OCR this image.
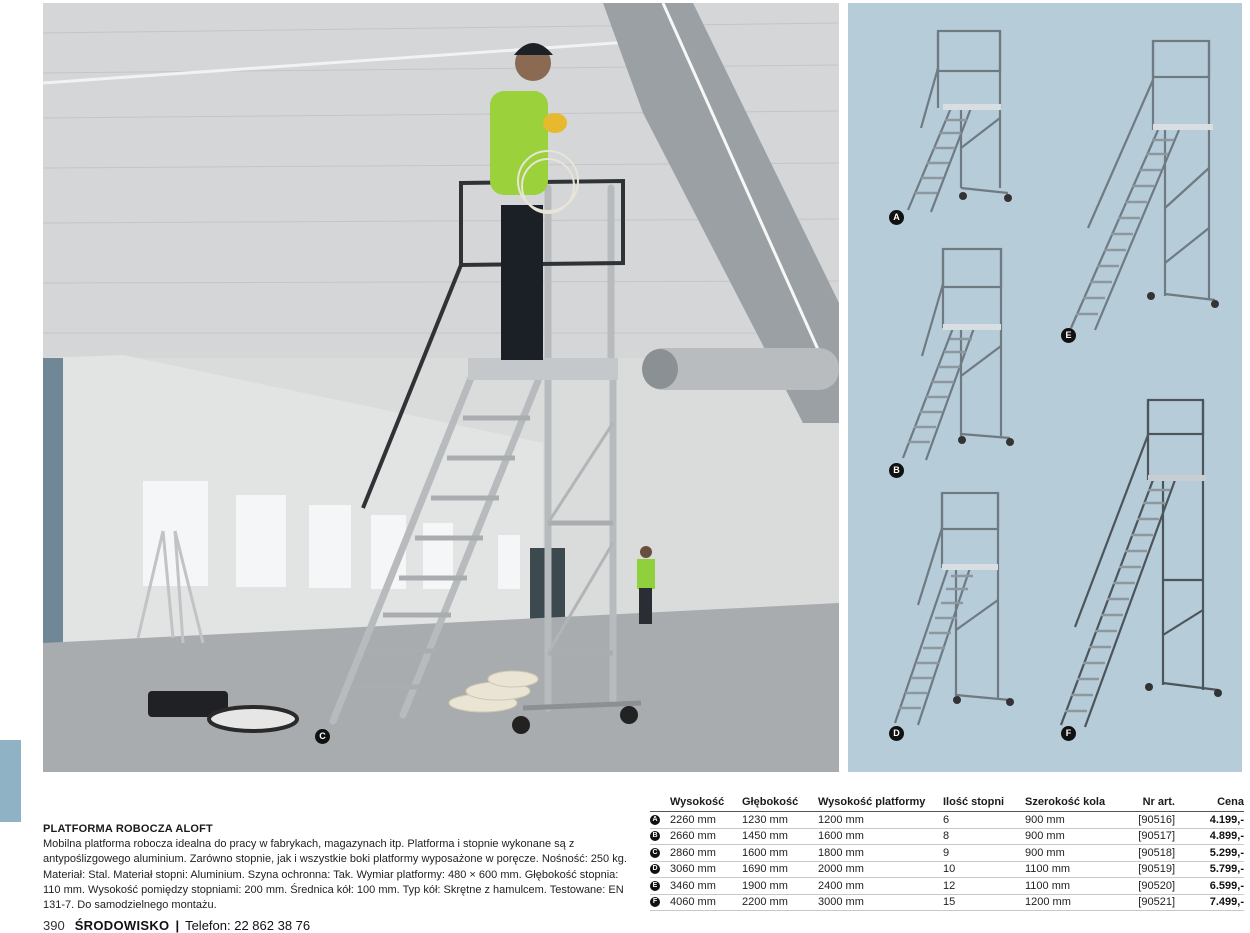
C
A
B
D
E
F
PLATFORMA ROBOCZA ALOFT
Mobilna platforma robocza idealna do pracy w fabrykach, magazynach itp. Platforma i stopnie wykonane są z antypoślizgowego aluminium. Zarówno stopnie, jak i wszystkie boki platformy wyposażone w poręcze. Nośność: 250 kg. Materiał: Stal. Materiał stopni: Aluminium. Szyna ochronna: Tak. Wymiar platformy: 480 × 600 mm. Głębokość stopnia: 110 mm. Wysokość pomiędzy stopniami: 200 mm. Średnica kół: 100 mm. Typ kół: Skrętne z hamulcem. Testowane: EN 131-7. Do samodzielnego montażu.
	Wysokość	Głębokość	Wysokość platformy	Ilość stopni	Szerokość kola	Nr art.	Cena
A	2260 mm	1230 mm	1200 mm	6	900 mm	[90516]	4.199,-
B	2660 mm	1450 mm	1600 mm	8	900 mm	[90517]	4.899,-
C	2860 mm	1600 mm	1800 mm	9	900 mm	[90518]	5.299,-
D	3060 mm	1690 mm	2000 mm	10	1100 mm	[90519]	5.799,-
E	3460 mm	1900 mm	2400 mm	12	1100 mm	[90520]	6.599,-
F	4060 mm	2200 mm	3000 mm	15	1200 mm	[90521]	7.499,-
390 ŚRODOWISKO | Telefon: 22 862 38 76
